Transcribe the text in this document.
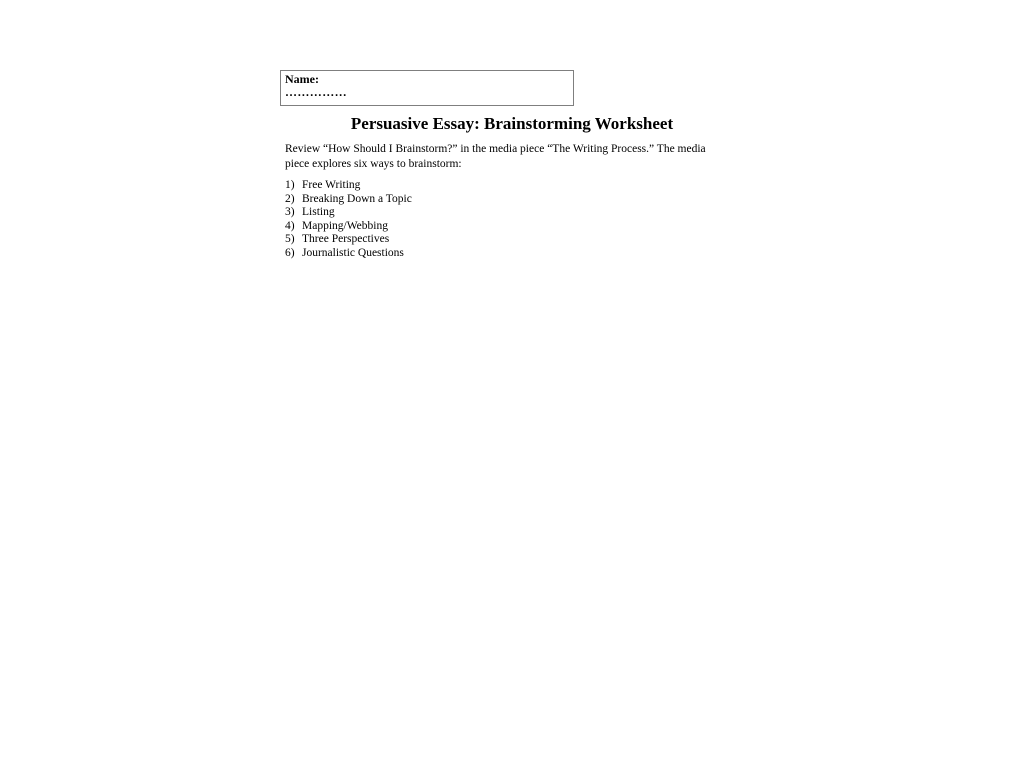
Name:
……………
Persuasive Essay: Brainstorming Worksheet

Review “How Should I Brainstorm?” in the media piece “The Writing Process.” The media piece explores six ways to brainstorm:

1) Free Writing
2) Breaking Down a Topic
3) Listing
4) Mapping/Webbing
5) Three Perspectives
6) Journalistic Questions
